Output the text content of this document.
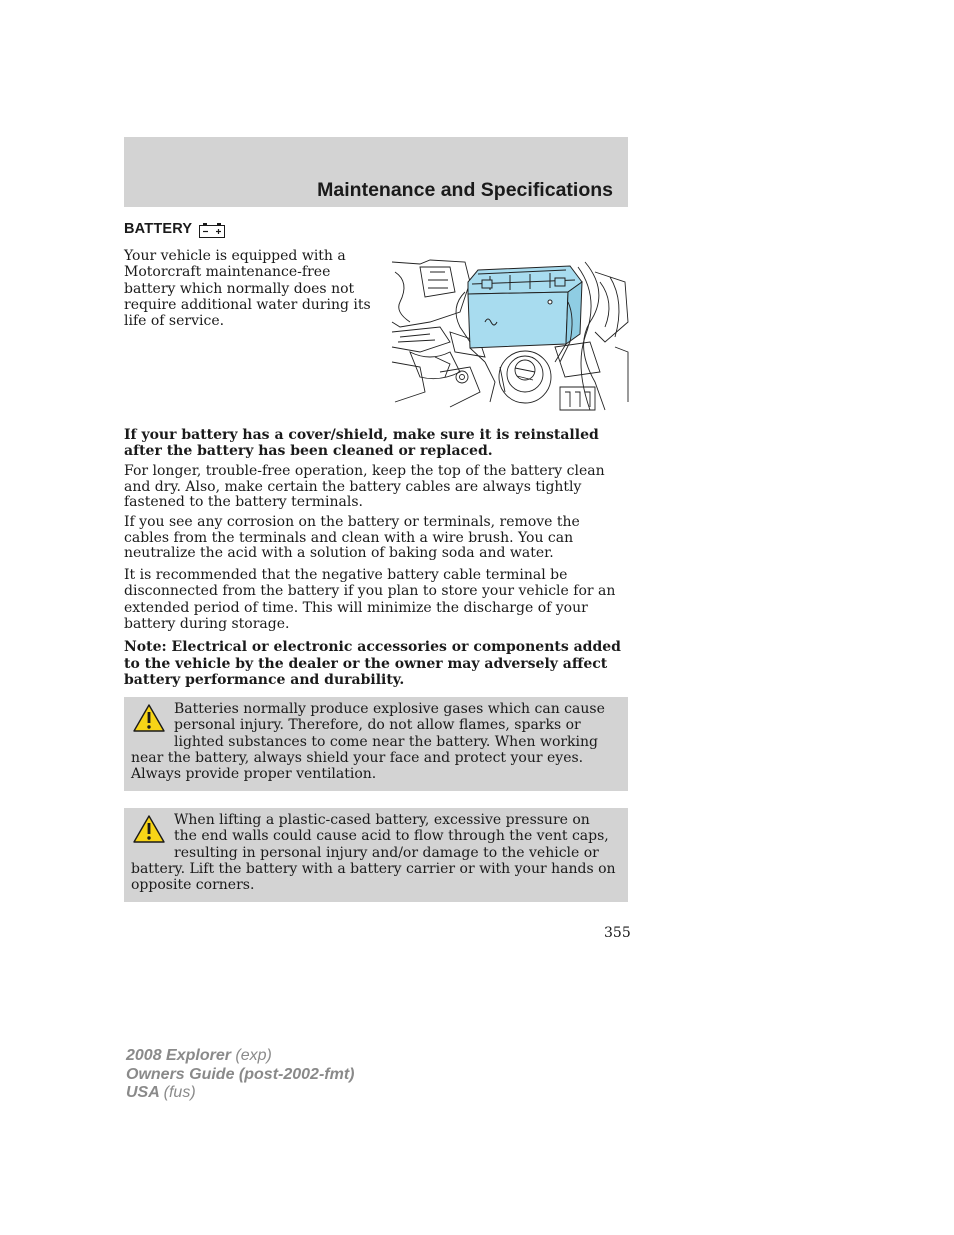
Maintenance and Specifications
BATTERY
Your vehicle is equipped with a Motorcraft maintenance-free battery which normally does not require additional water during its life of service.

If your battery has a cover/shield, make sure it is reinstalled after the battery has been cleaned or replaced.

For longer, trouble-free operation, keep the top of the battery clean and dry. Also, make certain the battery cables are always tightly fastened to the battery terminals.

If you see any corrosion on the battery or terminals, remove the cables from the terminals and clean with a wire brush. You can neutralize the acid with a solution of baking soda and water.

It is recommended that the negative battery cable terminal be disconnected from the battery if you plan to store your vehicle for an extended period of time. This will minimize the discharge of your battery during storage.

Note: Electrical or electronic accessories or components added to the vehicle by the dealer or the owner may adversely affect battery performance and durability.

Batteries normally produce explosive gases which can cause personal injury. Therefore, do not allow flames, sparks or lighted substances to come near the battery. When working near the battery, always shield your face and protect your eyes. Always provide proper ventilation.
When lifting a plastic-cased battery, excessive pressure on the end walls could cause acid to flow through the vent caps, resulting in personal injury and/or damage to the vehicle or battery. Lift the battery with a battery carrier or with your hands on opposite corners.
355
2008 Explorer (exp)
Owners Guide (post-2002-fmt)
USA (fus)
